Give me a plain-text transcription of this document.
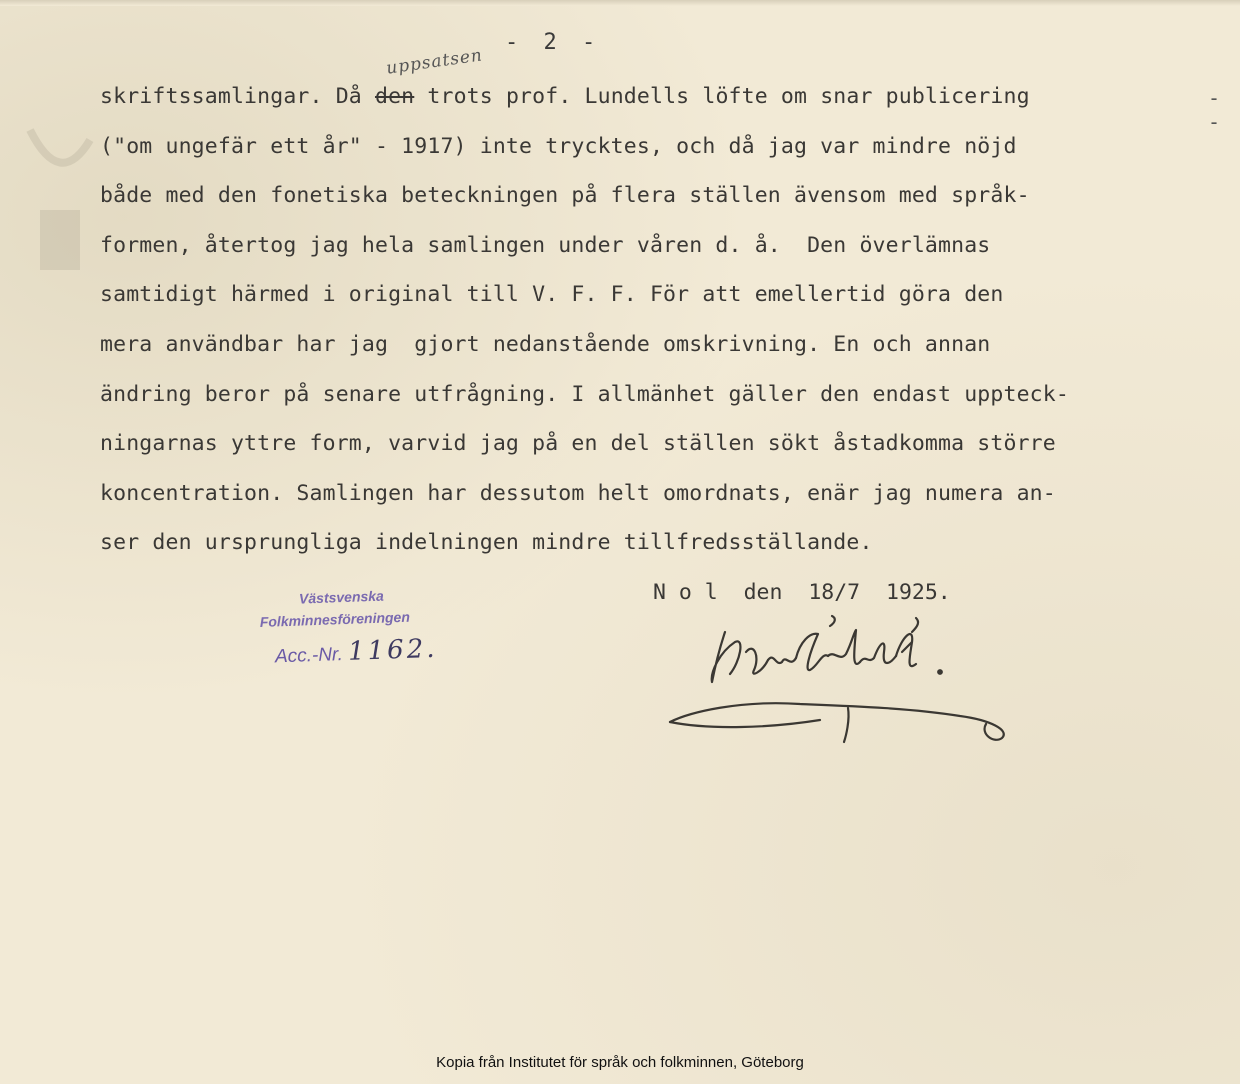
- 2 -
uppsatsen
skriftssamlingar. Då den trots prof. Lundells löfte om snar publicering
("om ungefär ett år" - 1917) inte trycktes, och då jag var mindre nöjd
både med den fonetiska beteckningen på flera ställen ävensom med språk-
formen, återtog jag hela samlingen under våren d. å.  Den överlämnas
samtidigt härmed i original till V. F. F. För att emellertid göra den
mera användbar har jag  gjort nedanstående omskrivning. En och annan
ändring beror på senare utfrågning. I allmänhet gäller den endast uppteck-
ningarnas yttre form, varvid jag på en del ställen sökt åstadkomma större
koncentration. Samlingen har dessutom helt omordnats, enär jag numera an-
ser den ursprungliga indelningen mindre tillfredsställande.
- -
Västsvenska
Folkminnesföreningen
Acc.-Nr. 1162.
N o l  den  18/7  1925.
Kopia från Institutet för språk och folkminnen, Göteborg
